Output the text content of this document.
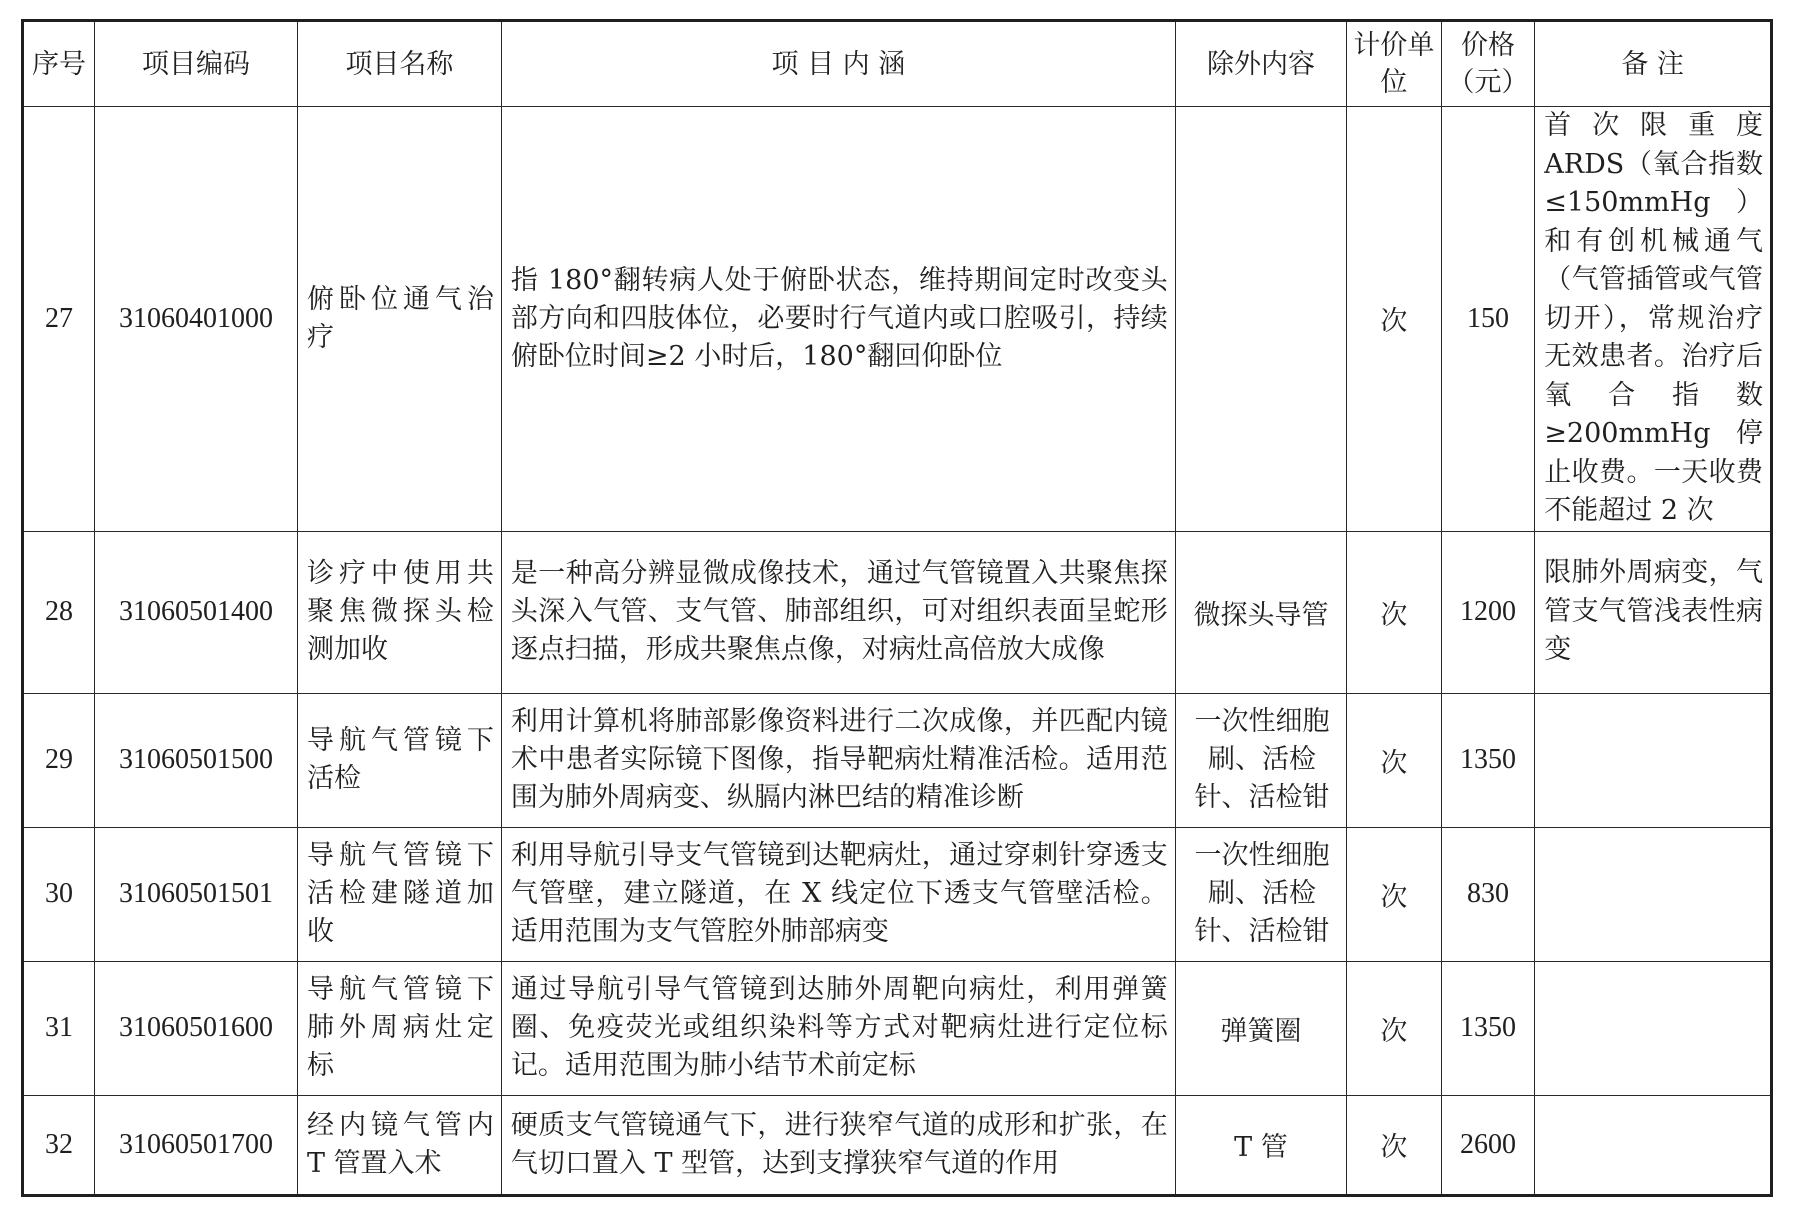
序号	项目编码	项目名称	项 目 内 涵	除外内容	计价单位	价格（元）	备 注
27	31060401000	俯卧位通气治疗	指 180°翻转病人处于俯卧状态，维持期间定时改变头部方向和四肢体位，必要时行气道内或口腔吸引，持续俯卧位时间≥2 小时后，180°翻回仰卧位		次	150	首次限重度 ARDS（氧合指数≤150mmHg）和有创机械通气（气管插管或气管切开），常规治疗无效患者。治疗后氧合指数≥200mmHg 停止收费。一天收费不能超过 2 次
28	31060501400	诊疗中使用共聚焦微探头检测加收	是一种高分辨显微成像技术，通过气管镜置入共聚焦探头深入气管、支气管、肺部组织，可对组织表面呈蛇形逐点扫描，形成共聚焦点像，对病灶高倍放大成像	微探头导管	次	1200	限肺外周病变，气管支气管浅表性病变
29	31060501500	导航气管镜下活检	利用计算机将肺部影像资料进行二次成像，并匹配内镜术中患者实际镜下图像，指导靶病灶精准活检。适用范围为肺外周病变、纵膈内淋巴结的精准诊断	一次性细胞刷、活检针、活检钳	次	1350	
30	31060501501	导航气管镜下活检建隧道加收	利用导航引导支气管镜到达靶病灶，通过穿刺针穿透支气管壁，建立隧道，在 X 线定位下透支气管壁活检。适用范围为支气管腔外肺部病变	一次性细胞刷、活检针、活检钳	次	830	
31	31060501600	导航气管镜下肺外周病灶定标	通过导航引导气管镜到达肺外周靶向病灶，利用弹簧圈、免疫荧光或组织染料等方式对靶病灶进行定位标记。适用范围为肺小结节术前定标	弹簧圈	次	1350	
32	31060501700	经内镜气管内 T 管置入术	硬质支气管镜通气下，进行狭窄气道的成形和扩张，在气切口置入 T 型管，达到支撑狭窄气道的作用	T 管	次	2600	
